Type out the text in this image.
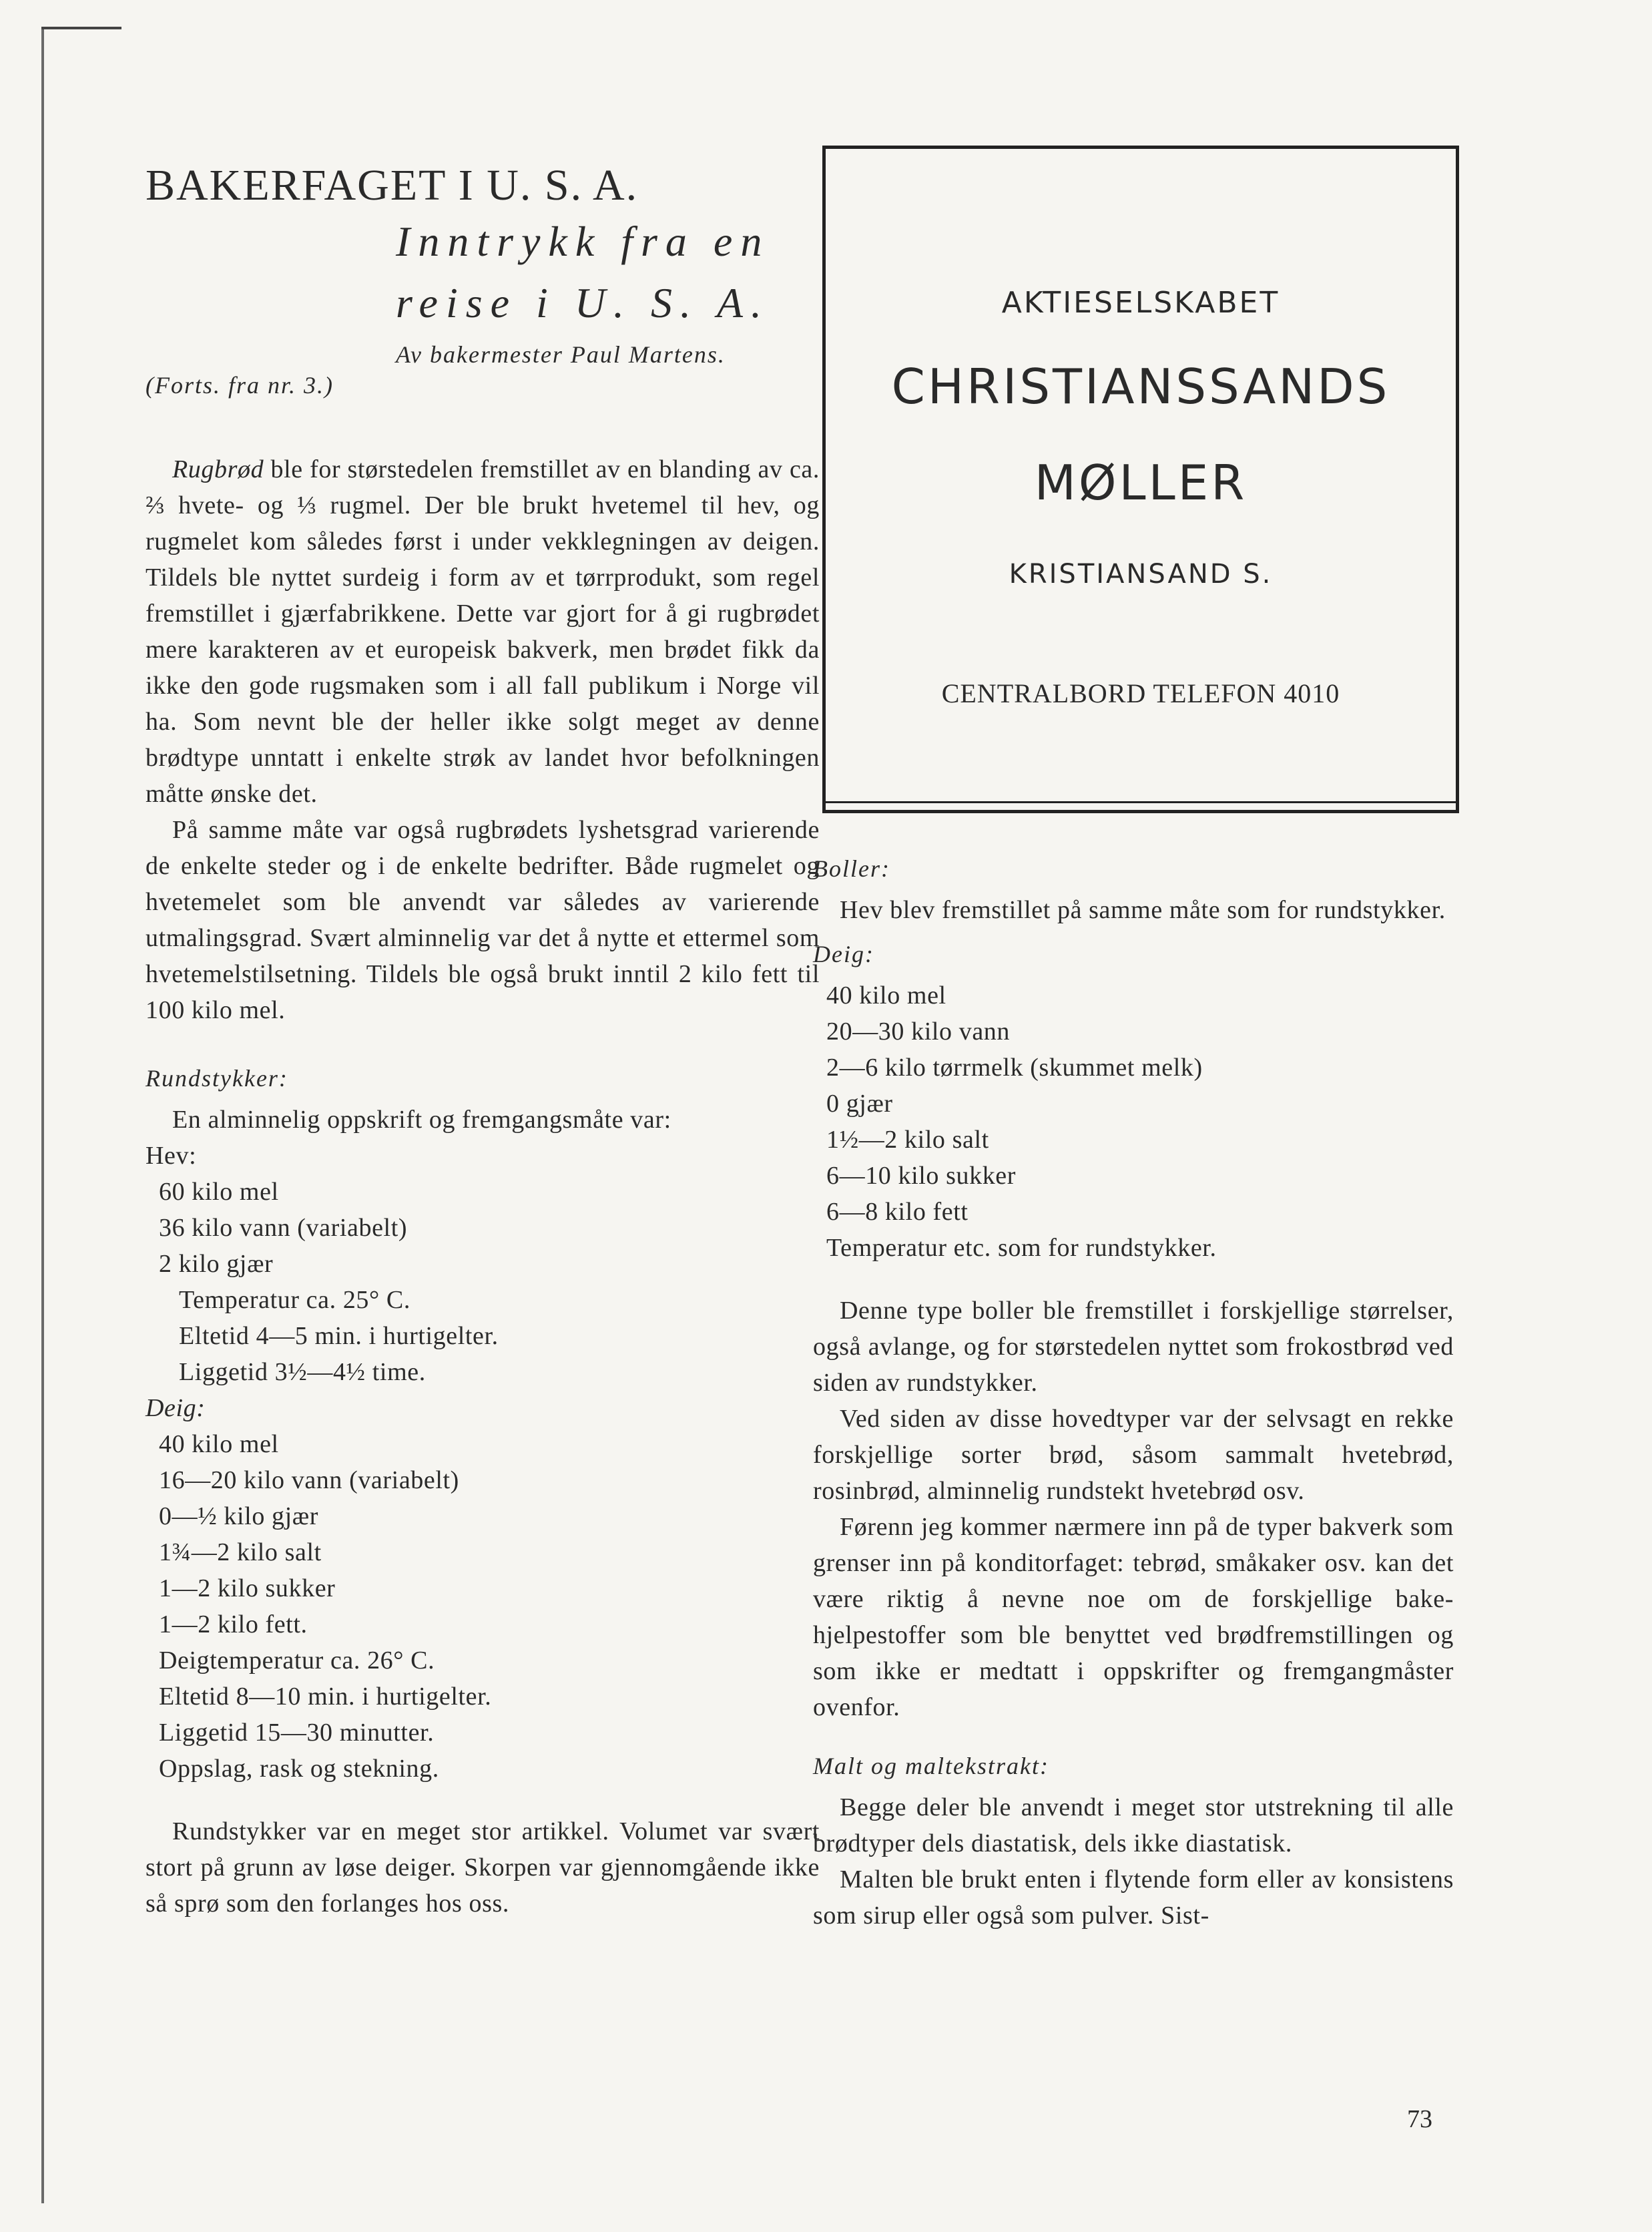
BAKERFAGET I U. S. A.
Inntrykk fra en
reise i U. S. A.
Av bakermester Paul Martens.
(Forts. fra nr. 3.)

Rugbrød ble for størstedelen fremstillet av en blanding av ca. ⅔ hvete- og ⅓ rugmel. Der ble brukt hvetemel til hev, og rugmelet kom således først i under vekklegningen av deigen. Tildels ble nyttet surdeig i form av et tørrprodukt, som regel fremstillet i gjærfabrikkene. Dette var gjort for å gi rugbrødet mere karakteren av et europeisk bakverk, men brødet fikk da ikke den gode rugsmaken som i all fall publikum i Norge vil ha. Som nevnt ble der heller ikke solgt meget av denne brødtype unntatt i enkelte strøk av landet hvor befolkningen måtte ønske det.

På samme måte var også rugbrødets lyshetsgrad varierende de enkelte steder og i de enkelte bedrifter. Både rugmelet og hvetemelet som ble anvendt var således av varierende utmalingsgrad. Svært alminnelig var det å nytte et ettermel som hvetemelstilsetning. Tildels ble også brukt inntil 2 kilo fett til 100 kilo mel.

Rundstykker:

En alminnelig oppskrift og fremgangsmåte var:

Hev:
60 kilo mel
36 kilo vann (variabelt)
2 kilo gjær
Temperatur ca. 25° C.
Eltetid 4—5 min. i hurtigelter.
Liggetid 3½—4½ time.
Deig:
40 kilo mel
16—20 kilo vann (variabelt)
0—½ kilo gjær
1¾—2 kilo salt
1—2 kilo sukker
1—2 kilo fett.
Deigtemperatur ca. 26° C.
Eltetid 8—10 min. i hurtigelter.
Liggetid 15—30 minutter.
Oppslag, rask og stekning.

Rundstykker var en meget stor artikkel. Volumet var svært stort på grunn av løse deiger. Skorpen var gjennomgående ikke så sprø som den forlanges hos oss.

AKTIESELSKABET
CHRISTIANSSANDS
MØLLER
KRISTIANSAND S.
CENTRALBORD TELEFON 4010
Boller:

Hev blev fremstillet på samme måte som for rundstykker.

Deig:
40 kilo mel
20—30 kilo vann
2—6 kilo tørrmelk (skummet melk)
0 gjær
1½—2 kilo salt
6—10 kilo sukker
6—8 kilo fett
Temperatur etc. som for rundstykker.

Denne type boller ble fremstillet i forskjellige størrelser, også avlange, og for størstedelen nyttet som frokostbrød ved siden av rundstykker.

Ved siden av disse hovedtyper var der selvsagt en rekke forskjellige sorter brød, såsom sammalt hvetebrød, rosinbrød, alminnelig rundstekt hvetebrød osv.

Førenn jeg kommer nærmere inn på de typer bakverk som grenser inn på konditorfaget: tebrød, småkaker osv. kan det være riktig å nevne noe om de forskjellige bake-hjelpestoffer som ble benyttet ved brødfremstillingen og som ikke er medtatt i oppskrifter og fremgangmåster ovenfor.

Malt og maltekstrakt:

Begge deler ble anvendt i meget stor utstrekning til alle brødtyper dels diastatisk, dels ikke diastatisk.

Malten ble brukt enten i flytende form eller av konsistens som sirup eller også som pulver. Sist-

73
